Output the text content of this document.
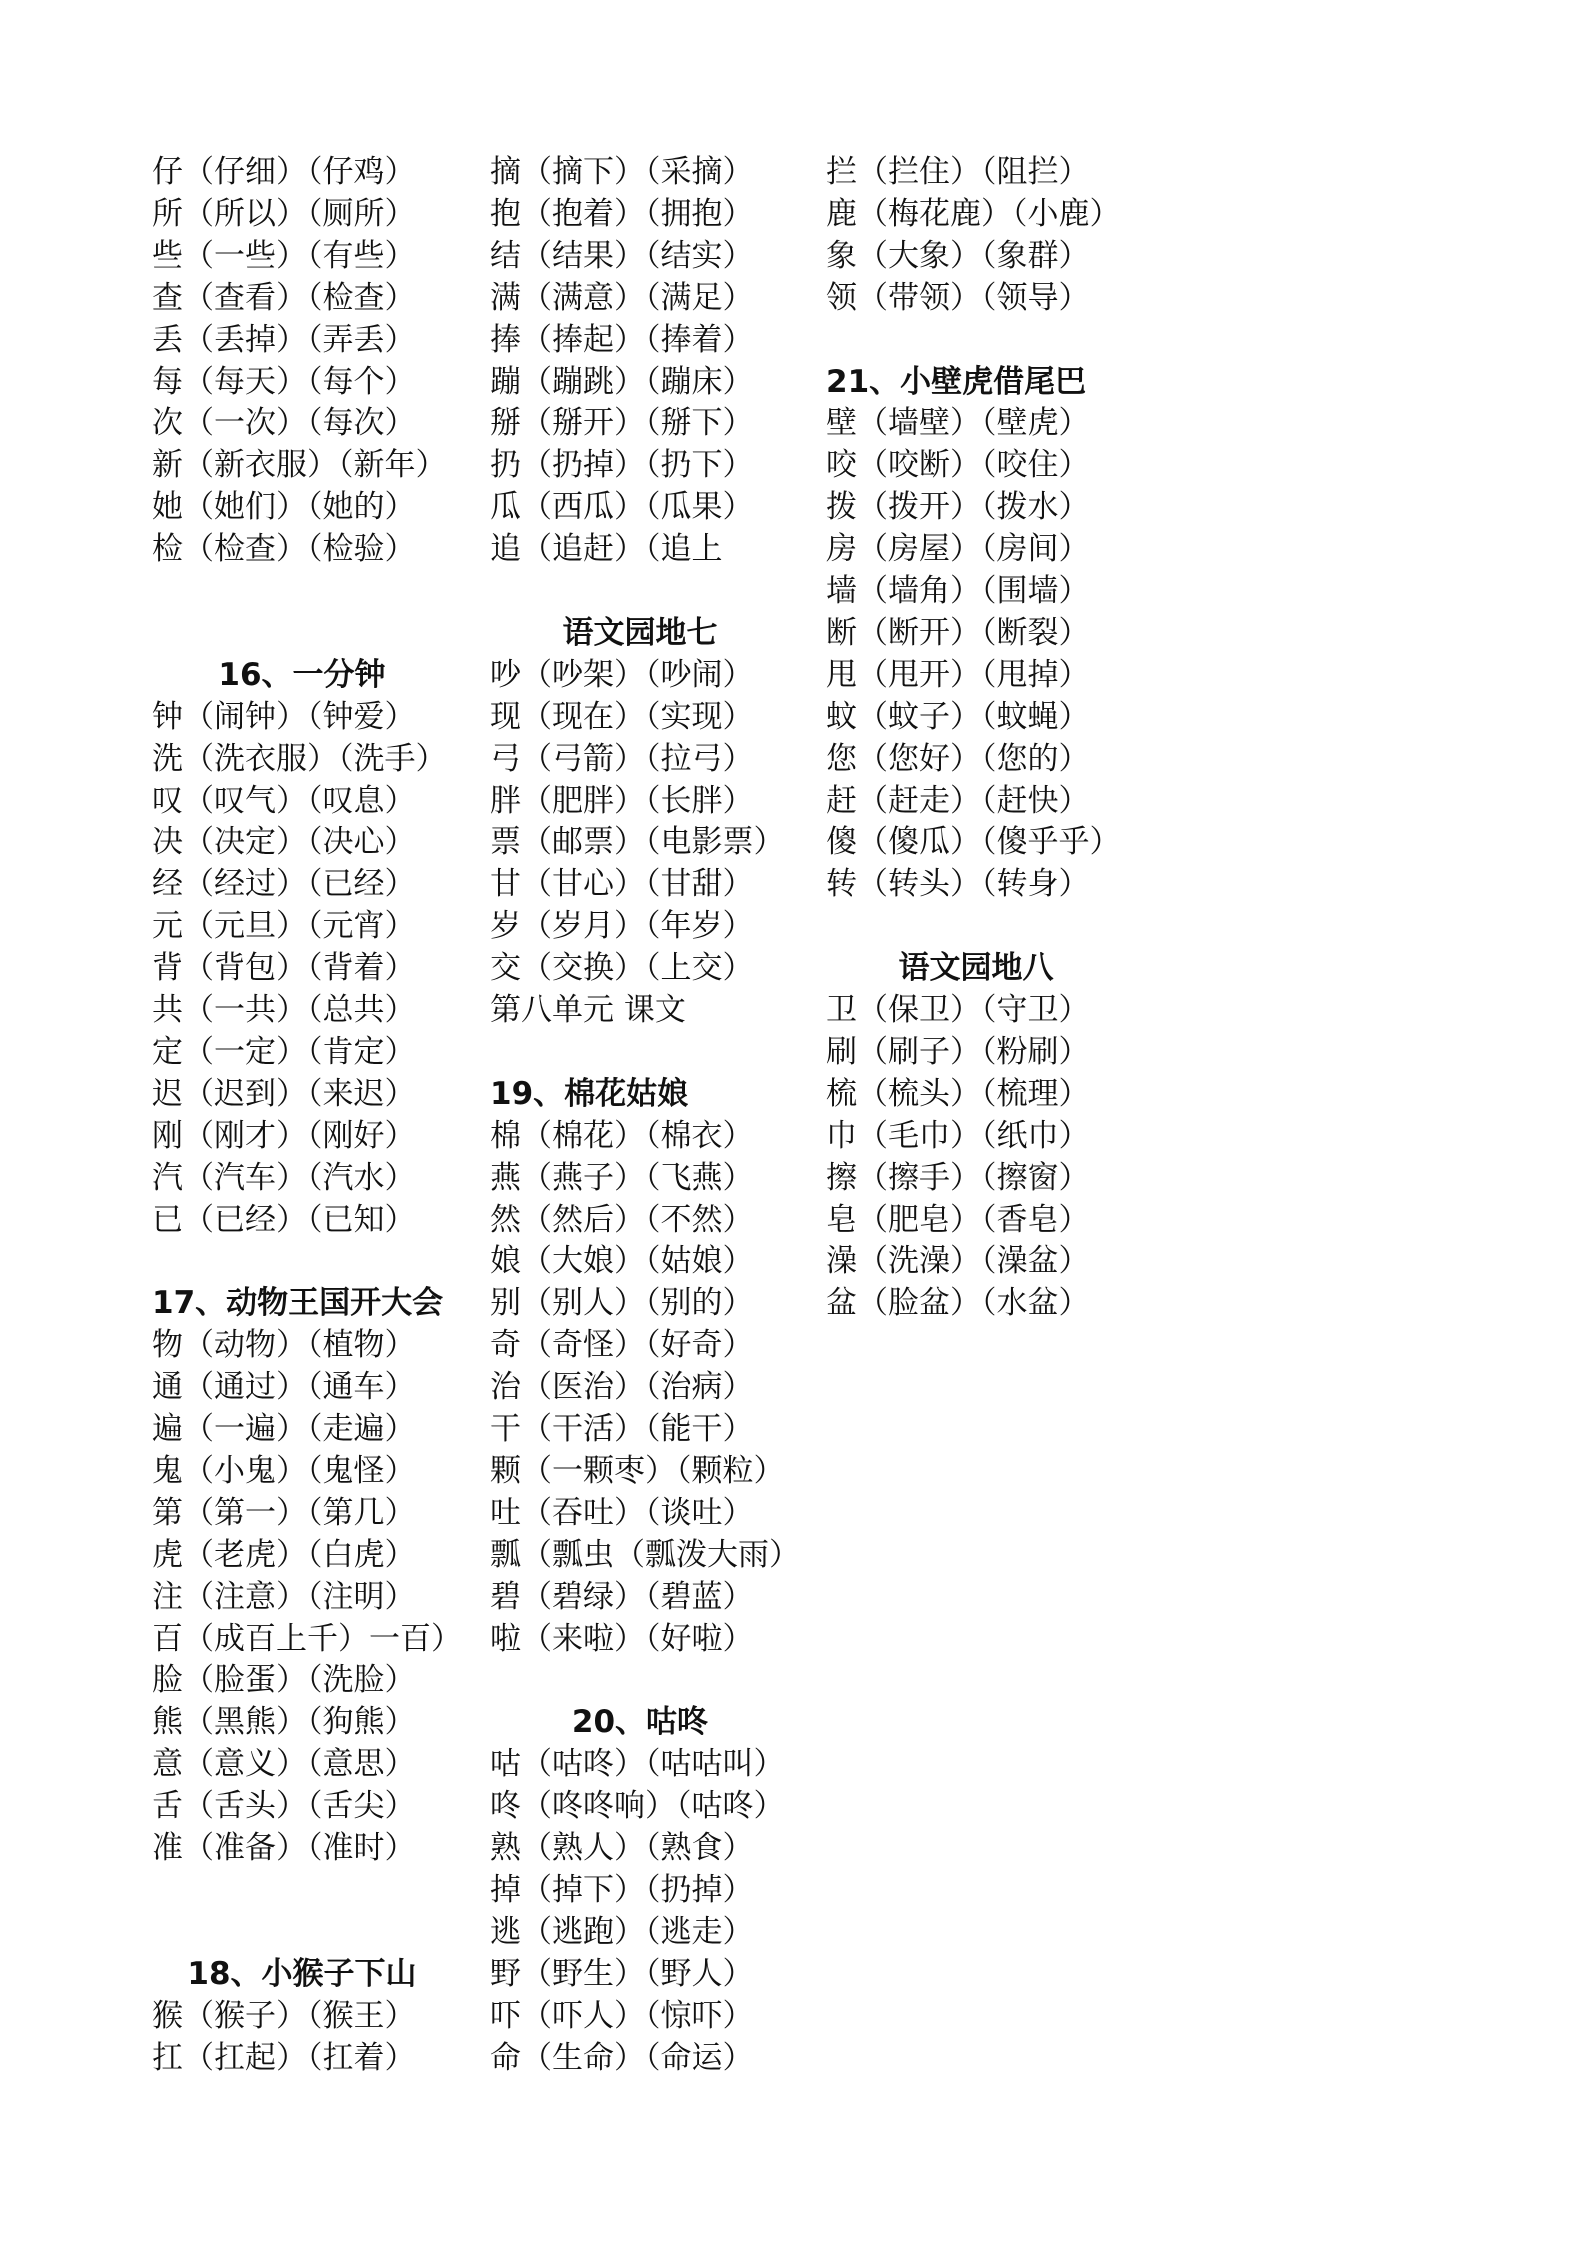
仔（仔细）（仔鸡）
所（所以）（厕所）
些（一些）（有些）
查（查看）（检查）
丢（丢掉）（弄丢）
每（每天）（每个）
次（一次）（每次）
新（新衣服）（新年）
她（她们）（她的）
检（检查）（检验）
16、一分钟
钟（闹钟）（钟爱）
洗（洗衣服）（洗手）
叹（叹气）（叹息）
决（决定）（决心）
经（经过）（已经）
元（元旦）（元宵）
背（背包）（背着）
共（一共）（总共）
定（一定）（肯定）
迟（迟到）（来迟）
刚（刚才）（刚好）
汽（汽车）（汽水）
已（已经）（已知）
17、动物王国开大会
物（动物）（植物）
通（通过）（通车）
遍（一遍）（走遍）
鬼（小鬼）（鬼怪）
第（第一）（第几）
虎（老虎）（白虎）
注（注意）（注明）
百（成百上千）一百）
脸（脸蛋）（洗脸）
熊（黑熊）（狗熊）
意（意义）（意思）
舌（舌头）（舌尖）
准（准备）（准时）
18、小猴子下山
猴（猴子）（猴王）
扛（扛起）（扛着）
摘（摘下）（采摘）
抱（抱着）（拥抱）
结（结果）（结实）
满（满意）（满足）
捧（捧起）（捧着）
蹦（蹦跳）（蹦床）
掰（掰开）（掰下）
扔（扔掉）（扔下）
瓜（西瓜）（瓜果）
追（追赶）（追上
语文园地七
吵（吵架）（吵闹）
现（现在）（实现）
弓（弓箭）（拉弓）
胖（肥胖）（长胖）
票（邮票）（电影票）
甘（甘心）（甘甜）
岁（岁月）（年岁）
交（交换）（上交）
第八单元 课文
19、棉花姑娘
棉（棉花）（棉衣）
燕（燕子）（飞燕）
然（然后）（不然）
娘（大娘）（姑娘）
别（别人）（别的）
奇（奇怪）（好奇）
治（医治）（治病）
干（干活）（能干）
颗（一颗枣）（颗粒）
吐（吞吐）（谈吐）
瓢（瓢虫（瓢泼大雨）
碧（碧绿）（碧蓝）
啦（来啦）（好啦）
20、咕咚
咕（咕咚）（咕咕叫）
咚（咚咚响）（咕咚）
熟（熟人）（熟食）
掉（掉下）（扔掉）
逃（逃跑）（逃走）
野（野生）（野人）
吓（吓人）（惊吓）
命（生命）（命运）
拦（拦住）（阻拦）
鹿（梅花鹿）（小鹿）
象（大象）（象群）
领（带领）（领导）
21、小壁虎借尾巴
壁（墙壁）（壁虎）
咬（咬断）（咬住）
拨（拨开）（拨水）
房（房屋）（房间）
墙（墙角）（围墙）
断（断开）（断裂）
甩（甩开）（甩掉）
蚊（蚊子）（蚊蝇）
您（您好）（您的）
赶（赶走）（赶快）
傻（傻瓜）（傻乎乎）
转（转头）（转身）
语文园地八
卫（保卫）（守卫）
刷（刷子）（粉刷）
梳（梳头）（梳理）
巾（毛巾）（纸巾）
擦（擦手）（擦窗）
皂（肥皂）（香皂）
澡（洗澡）（澡盆）
盆（脸盆）（水盆）
